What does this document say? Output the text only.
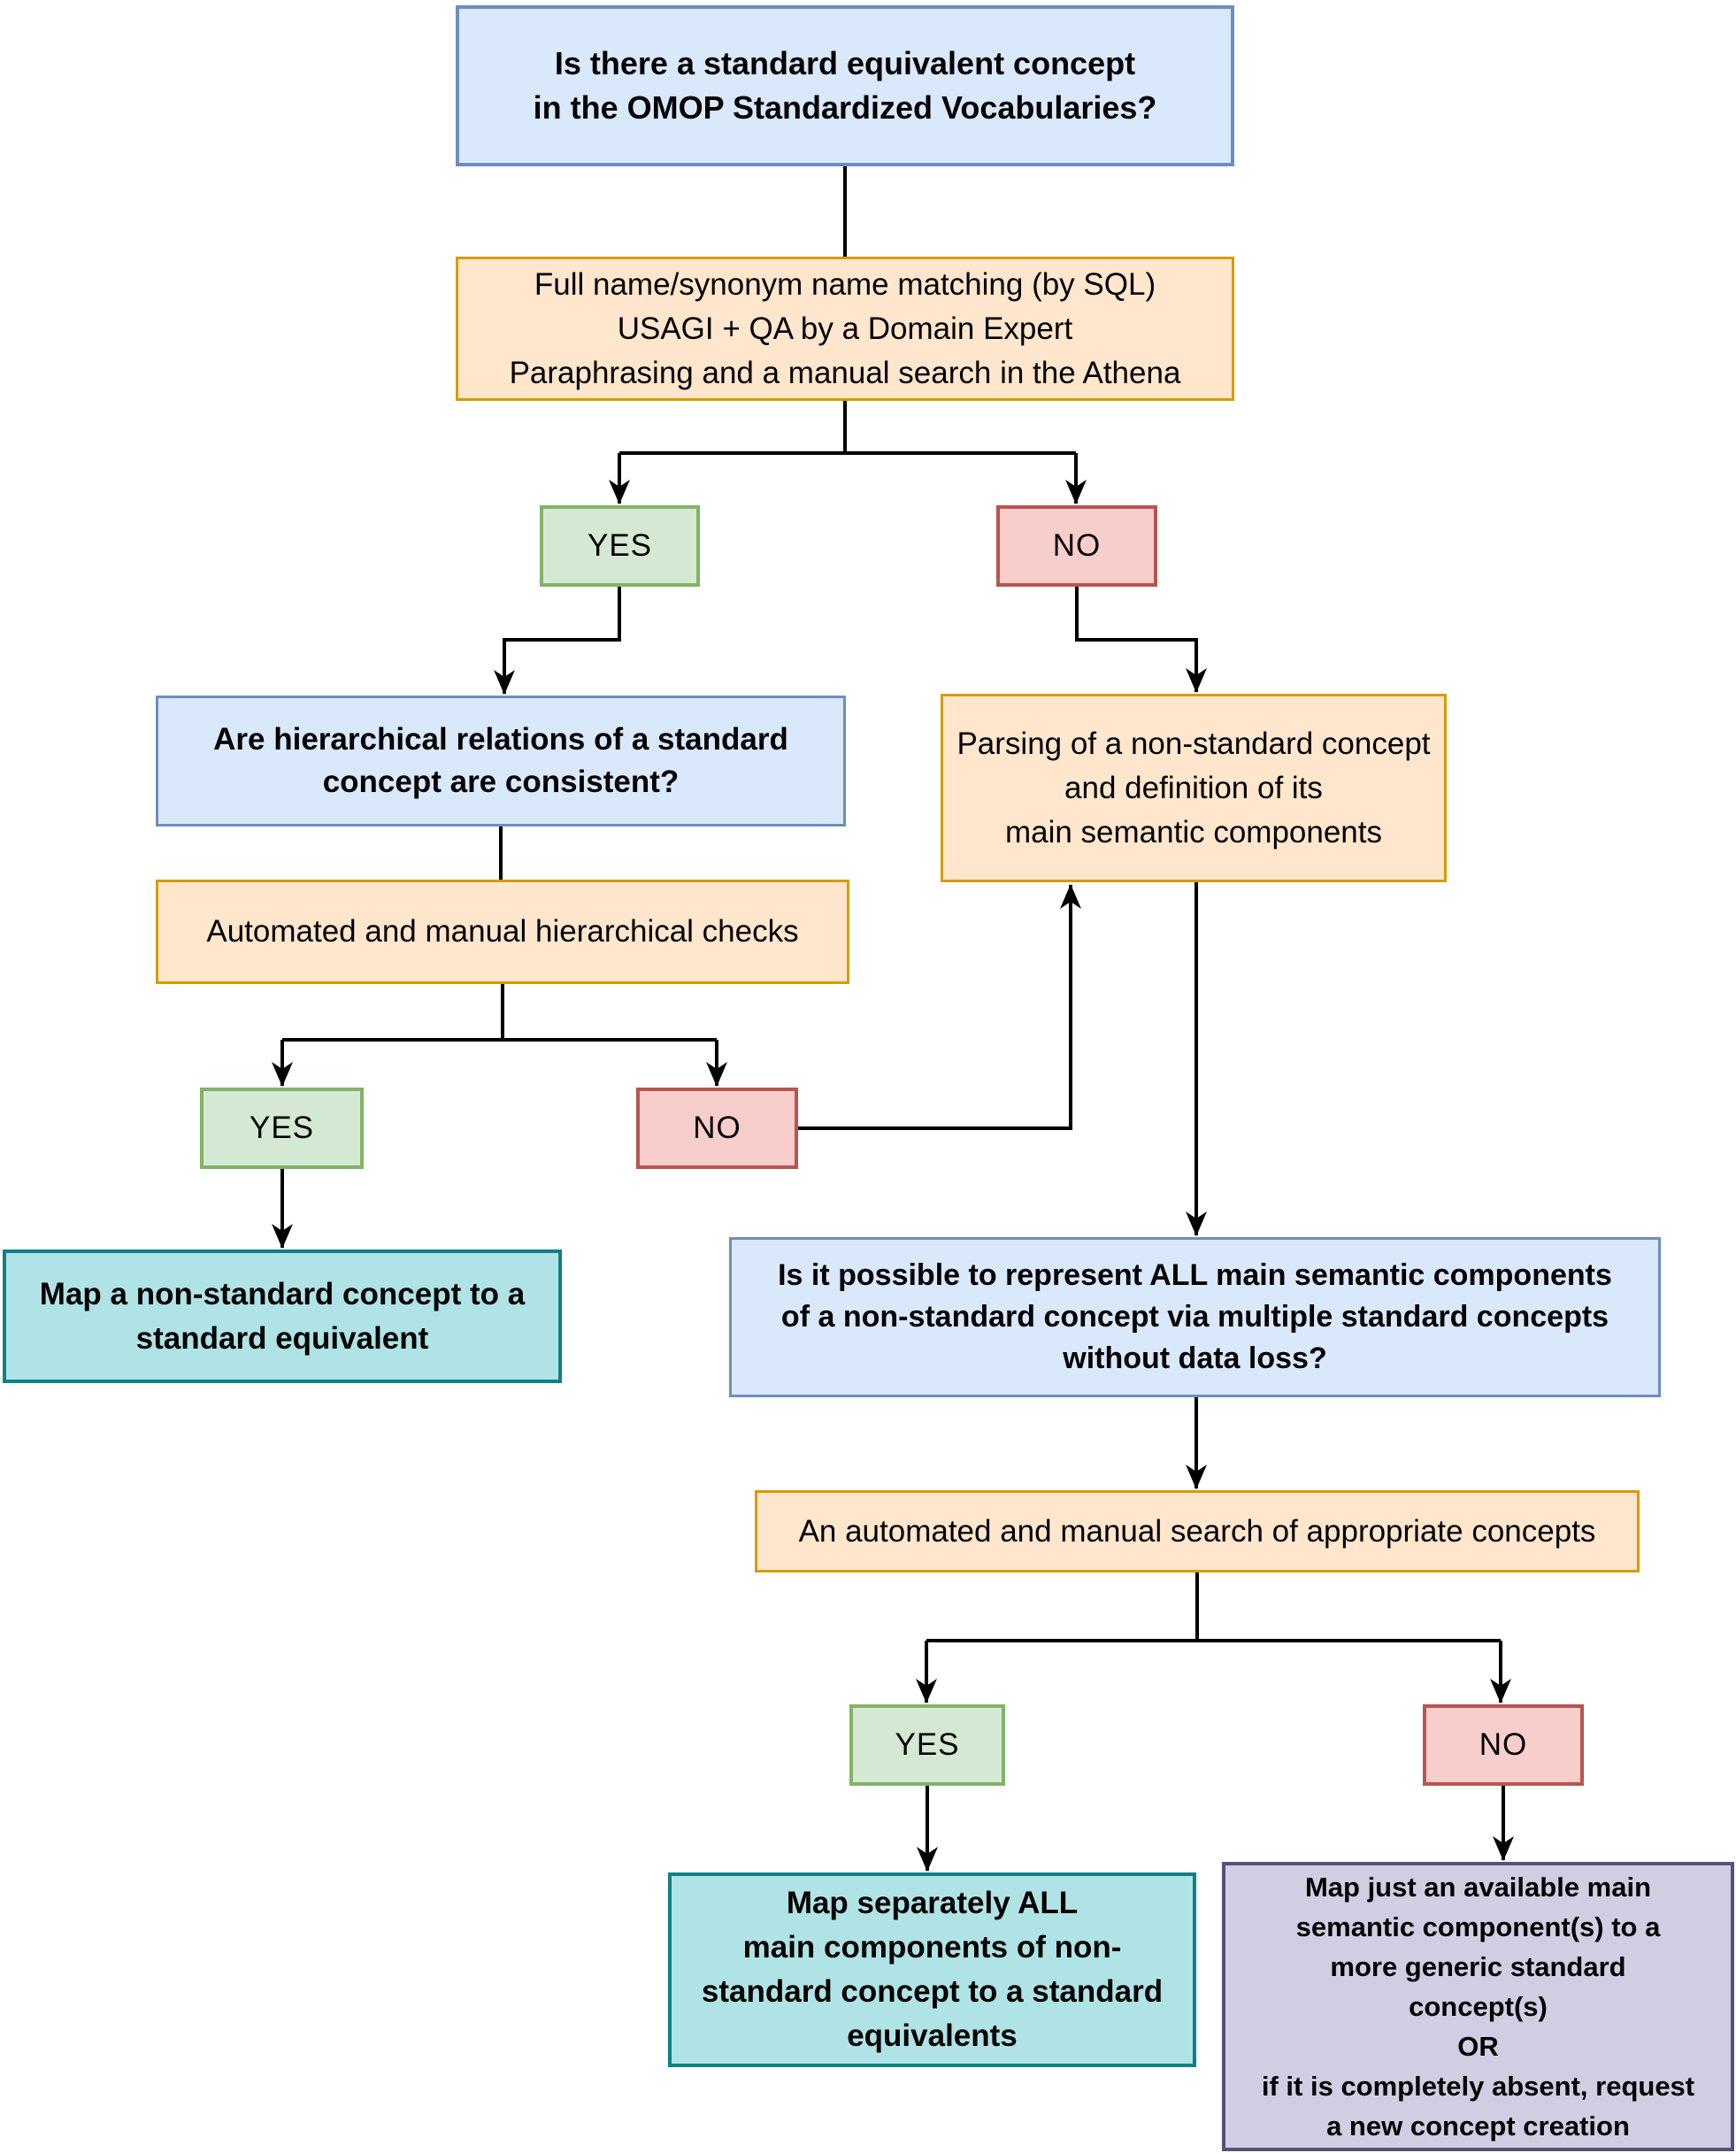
Is there a standard equivalent concept
in the OMOP Standardized Vocabularies?
Full name/synonym name matching (by SQL)
USAGI + QA by a Domain Expert
Paraphrasing and a manual search in the Athena
YES	NO
Are hierarchical relations of a standard
concept are consistent?
Parsing of a non-standard concept
and definition of its
main semantic components
Automated and manual hierarchical checks
YES	NO
Map a non-standard concept to a
standard equivalent
Is it possible to represent ALL main semantic components
of a non-standard concept via multiple standard concepts
without data loss?
An automated and manual search of appropriate concepts
YES	NO
Map separately ALL
main components of non-
standard concept to a standard
equivalents
Map just an available main
semantic component(s) to a
more generic standard
concept(s)
OR
if it is completely absent, request
a new concept creation
